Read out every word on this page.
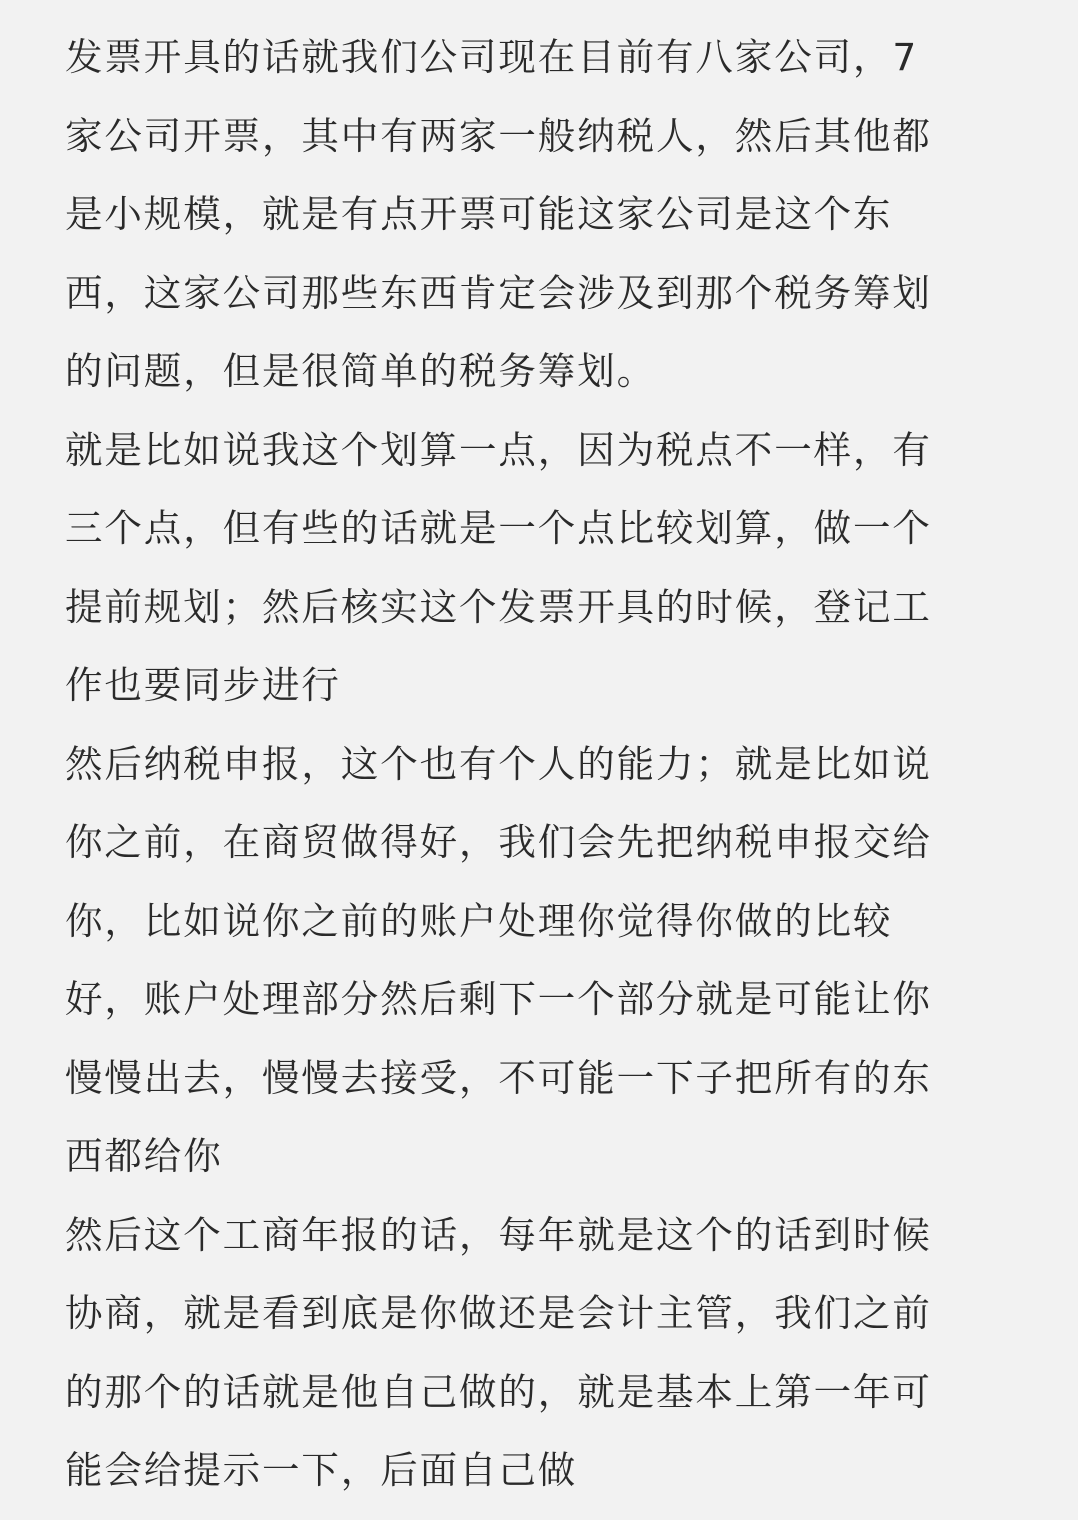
发票开具的话就我们公司现在目前有八家公司，7
家公司开票，其中有两家一般纳税人，然后其他都
是小规模，就是有点开票可能这家公司是这个东
西，这家公司那些东西肯定会涉及到那个税务筹划
的问题，但是很简单的税务筹划。
就是比如说我这个划算一点，因为税点不一样，有
三个点，但有些的话就是一个点比较划算，做一个
提前规划；然后核实这个发票开具的时候，登记工
作也要同步进行
然后纳税申报，这个也有个人的能力；就是比如说
你之前，在商贸做得好，我们会先把纳税申报交给
你，比如说你之前的账户处理你觉得你做的比较
好，账户处理部分然后剩下一个部分就是可能让你
慢慢出去，慢慢去接受，不可能一下子把所有的东
西都给你
然后这个工商年报的话，每年就是这个的话到时候
协商，就是看到底是你做还是会计主管，我们之前
的那个的话就是他自己做的，就是基本上第一年可
能会给提示一下，后面自己做
